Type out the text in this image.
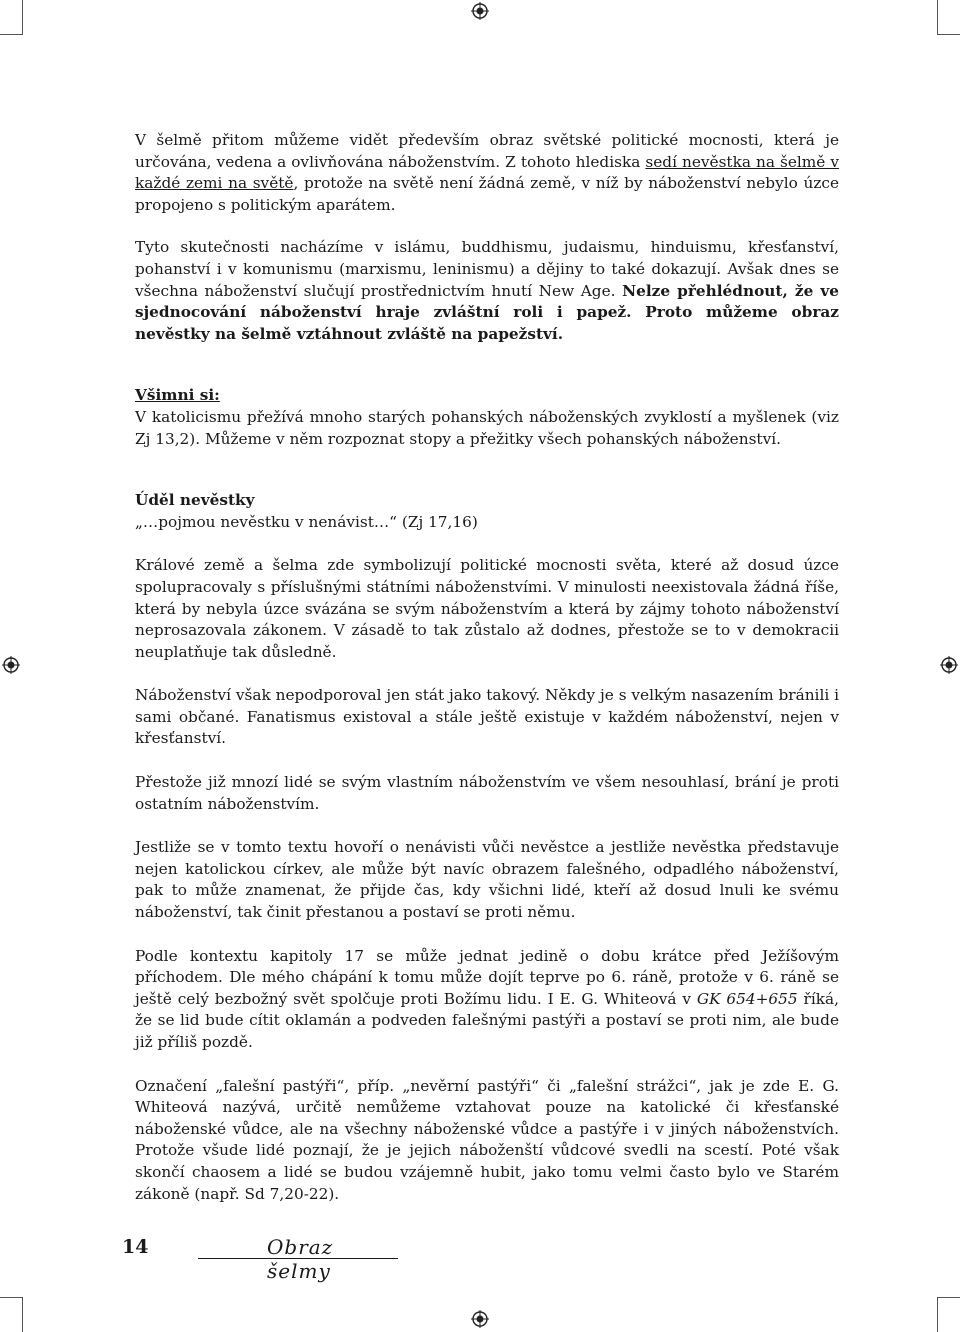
V šelmě přitom můžeme vidět především obraz světské politické mocnosti, která je určována, vedena a ovlivňována náboženstvím. Z tohoto hlediska sedí nevěstka na šelmě v každé zemi na světě, protože na světě není žádná země, v níž by náboženství nebylo úzce propojeno s politickým aparátem.

Tyto skutečnosti nacházíme v islámu, buddhismu, judaismu, hinduismu, křesťanství, pohanství i v komunismu (marxismu, leninismu) a dějiny to také dokazují. Avšak dnes se všechna náboženství slučují prostřednictvím hnutí New Age. Nelze přehlédnout, že ve sjednocování náboženství hraje zvláštní roli i papež. Proto můžeme obraz nevěstky na šelmě vztáhnout zvláště na papežství.

Všimni si:

V katolicismu přežívá mnoho starých pohanských náboženských zvyklostí a myšlenek (viz Zj 13,2). Můžeme v něm rozpoznat stopy a přežitky všech pohanských náboženství.

Úděl nevěstky

„…pojmou nevěstku v nenávist…“ (Zj 17,16)

Králové země a šelma zde symbolizují politické mocnosti světa, které až dosud úzce spolupracovaly s příslušnými státními náboženstvími. V minulosti neexistovala žádná říše, která by nebyla úzce svázána se svým náboženstvím a která by zájmy tohoto náboženství neprosazovala zákonem. V zásadě to tak zůstalo až dodnes, přestože se to v demokracii neuplatňuje tak důsledně.

Náboženství však nepodporoval jen stát jako takový. Někdy je s velkým nasazením bránili i sami občané. Fanatismus existoval a stále ještě existuje v každém náboženství, nejen v křesťanství.

Přestože již mnozí lidé se svým vlastním náboženstvím ve všem nesouhlasí, brání je proti ostatním náboženstvím.

Jestliže se v tomto textu hovoří o nenávisti vůči nevěstce a jestliže nevěstka představuje nejen katolickou církev, ale může být navíc obrazem falešného, odpadlého náboženství, pak to může znamenat, že přijde čas, kdy všichni lidé, kteří až dosud lnuli ke svému náboženství, tak činit přestanou a postaví se proti němu.

Podle kontextu kapitoly 17 se může jednat jedině o dobu krátce před Ježíšovým příchodem. Dle mého chápání k tomu může dojít teprve po 6. ráně, protože v 6. ráně se ještě celý bezbožný svět spolčuje proti Božímu lidu. I E. G. Whiteová v GK 654+655 říká, že se lid bude cítit oklamán a podveden falešnými pastýři a postaví se proti nim, ale bude již příliš pozdě.

Označení „falešní pastýři“, příp. „nevěrní pastýři“ či „falešní strážci“, jak je zde E. G. Whiteová nazývá, určitě nemůžeme vztahovat pouze na katolické či křesťanské náboženské vůdce, ale na všechny náboženské vůdce a pastýře i v jiných náboženstvích. Protože všude lidé poznají, že je jejich náboženští vůdcové svedli na scestí. Poté však skončí chaosem a lidé se budou vzájemně hubit, jako tomu velmi často bylo ve Starém zákoně (např. Sd 7,20-22).

14	Obraz šelmy
